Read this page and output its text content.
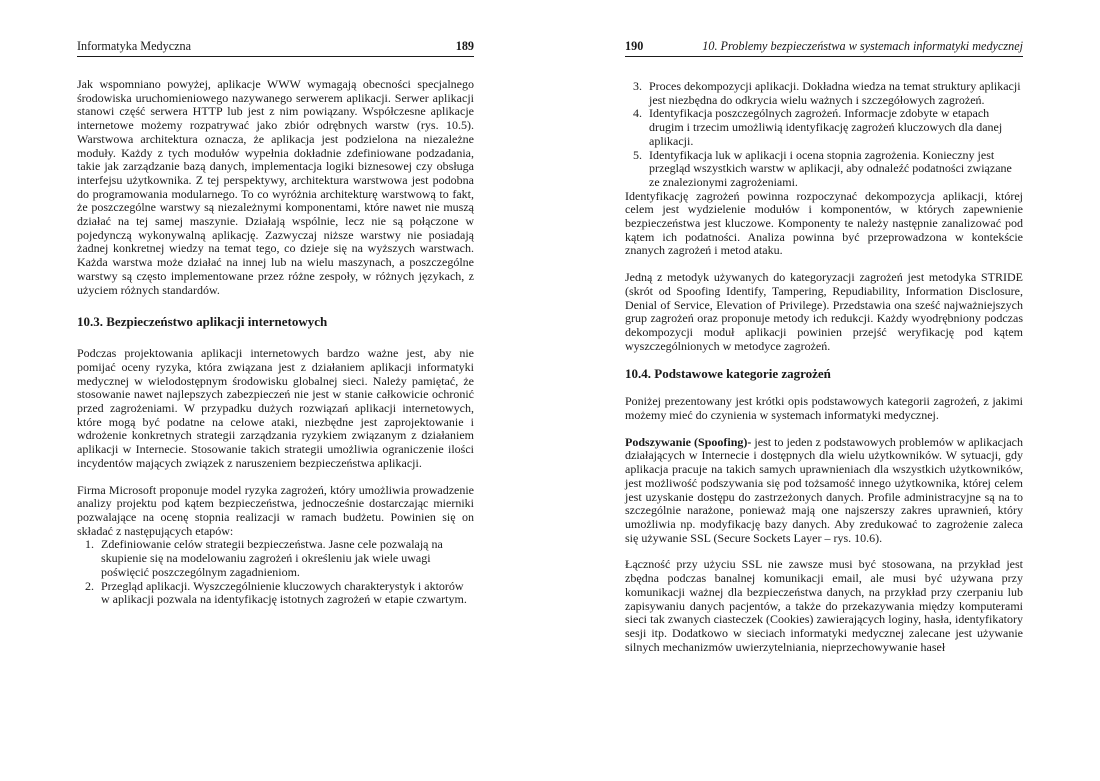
Informatyka Medyczna	189

Jak wspomniano powyżej, aplikacje WWW wymagają obecności specjalnego środowiska uruchomieniowego nazywanego serwerem aplikacji. Serwer aplikacji stanowi część serwera HTTP lub jest z nim powiązany. Współczesne aplikacje internetowe możemy rozpatrywać jako zbiór odrębnych warstw (rys. 10.5). Warstwowa architektura oznacza, że aplikacja jest podzielona na niezależne moduły. Każdy z tych modułów wypełnia dokładnie zdefiniowane podzadania, takie jak zarządzanie bazą danych, implementacja logiki biznesowej czy obsługa interfejsu użytkownika. Z tej perspektywy, architektura warstwowa jest podobna do programowania modularnego. To co wyróżnia architekturę warstwową to fakt, że poszczególne warstwy są niezależnymi komponentami, które nawet nie muszą działać na tej samej maszynie. Działają wspólnie, lecz nie są połączone w pojedynczą wykonywalną aplikację. Zazwyczaj niższe warstwy nie posiadają żadnej konkretnej wiedzy na temat tego, co dzieje się na wyższych warstwach. Każda warstwa może działać na innej lub na wielu maszynach, a poszczególne warstwy są często implementowane przez różne zespoły, w różnych językach, z użyciem różnych standardów.

10.3. Bezpieczeństwo aplikacji internetowych

Podczas projektowania aplikacji internetowych bardzo ważne jest, aby nie pomijać oceny ryzyka, która związana jest z działaniem aplikacji informatyki medycznej w wielodostępnym środowisku globalnej sieci. Należy pamiętać, że stosowanie nawet najlepszych zabezpieczeń nie jest w stanie całkowicie ochronić przed zagrożeniami. W przypadku dużych rozwiązań aplikacji internetowych, które mogą być podatne na celowe ataki, niezbędne jest zaprojektowanie i wdrożenie konkretnych strategii zarządzania ryzykiem związanym z działaniem aplikacji w Internecie. Stosowanie takich strategii umożliwia ograniczenie ilości incydentów mających związek z naruszeniem bezpieczeństwa aplikacji.

Firma Microsoft proponuje model ryzyka zagrożeń, który umożliwia prowadzenie analizy projektu pod kątem bezpieczeństwa, jednocześnie dostarczając mierniki pozwalające na ocenę stopnia realizacji w ramach budżetu. Powinien się on składać z następujących etapów:

1. Zdefiniowanie celów strategii bezpieczeństwa. Jasne cele pozwalają na skupienie się na modelowaniu zagrożeń i określeniu jak wiele uwagi poświęcić poszczególnym zagadnieniom.
2. Przegląd aplikacji. Wyszczególnienie kluczowych charakterystyk i aktorów w aplikacji pozwala na identyfikację istotnych zagrożeń w etapie czwartym.
190	10. Problemy bezpieczeństwa w systemach informatyki medycznej
3. Proces dekompozycji aplikacji. Dokładna wiedza na temat struktury aplikacji jest niezbędna do odkrycia wielu ważnych i szczegółowych zagrożeń.
4. Identyfikacja poszczególnych zagrożeń. Informacje zdobyte w etapach drugim i trzecim umożliwią identyfikację zagrożeń kluczowych dla danej aplikacji.
5. Identyfikacja luk w aplikacji i ocena stopnia zagrożenia. Konieczny jest przegląd wszystkich warstw w aplikacji, aby odnaleźć podatności związane ze znalezionymi zagrożeniami.

Identyfikację zagrożeń powinna rozpoczynać dekompozycja aplikacji, której celem jest wydzielenie modułów i komponentów, w których zapewnienie bezpieczeństwa jest kluczowe. Komponenty te należy następnie zanalizować pod kątem ich podatności. Analiza powinna być przeprowadzona w kontekście znanych zagrożeń i metod ataku.

Jedną z metodyk używanych do kategoryzacji zagrożeń jest metodyka STRIDE (skrót od Spoofing Identify, Tampering, Repudiability, Information Disclosure, Denial of Service, Elevation of Privilege). Przedstawia ona sześć najważniejszych grup zagrożeń oraz proponuje metody ich redukcji. Każdy wyodrębniony podczas dekompozycji moduł aplikacji powinien przejść weryfikację pod kątem wyszczególnionych w metodyce zagrożeń.

10.4. Podstawowe kategorie zagrożeń

Poniżej prezentowany jest krótki opis podstawowych kategorii zagrożeń, z jakimi możemy mieć do czynienia w systemach informatyki medycznej.

Podszywanie (Spoofing)- jest to jeden z podstawowych problemów w aplikacjach działających w Internecie i dostępnych dla wielu użytkowników. W sytuacji, gdy aplikacja pracuje na takich samych uprawnieniach dla wszystkich użytkowników, jest możliwość podszywania się pod tożsamość innego użytkownika, której celem jest uzyskanie dostępu do zastrzeżonych danych. Profile administracyjne są na to szczególnie narażone, ponieważ mają one najszerszy zakres uprawnień, który umożliwia np. modyfikację bazy danych. Aby zredukować to zagrożenie zaleca się używanie SSL (Secure Sockets Layer – rys. 10.6).

Łączność przy użyciu SSL nie zawsze musi być stosowana, na przykład jest zbędna podczas banalnej komunikacji email, ale musi być używana przy komunikacji ważnej dla bezpieczeństwa danych, na przykład przy czerpaniu lub zapisywaniu danych pacjentów, a także do przekazywania między komputerami sieci tak zwanych ciasteczek (Cookies) zawierających loginy, hasła, identyfikatory sesji itp. Dodatkowo w sieciach informatyki medycznej zalecane jest używanie silnych mechanizmów uwierzytelniania, nieprzechowywanie haseł
